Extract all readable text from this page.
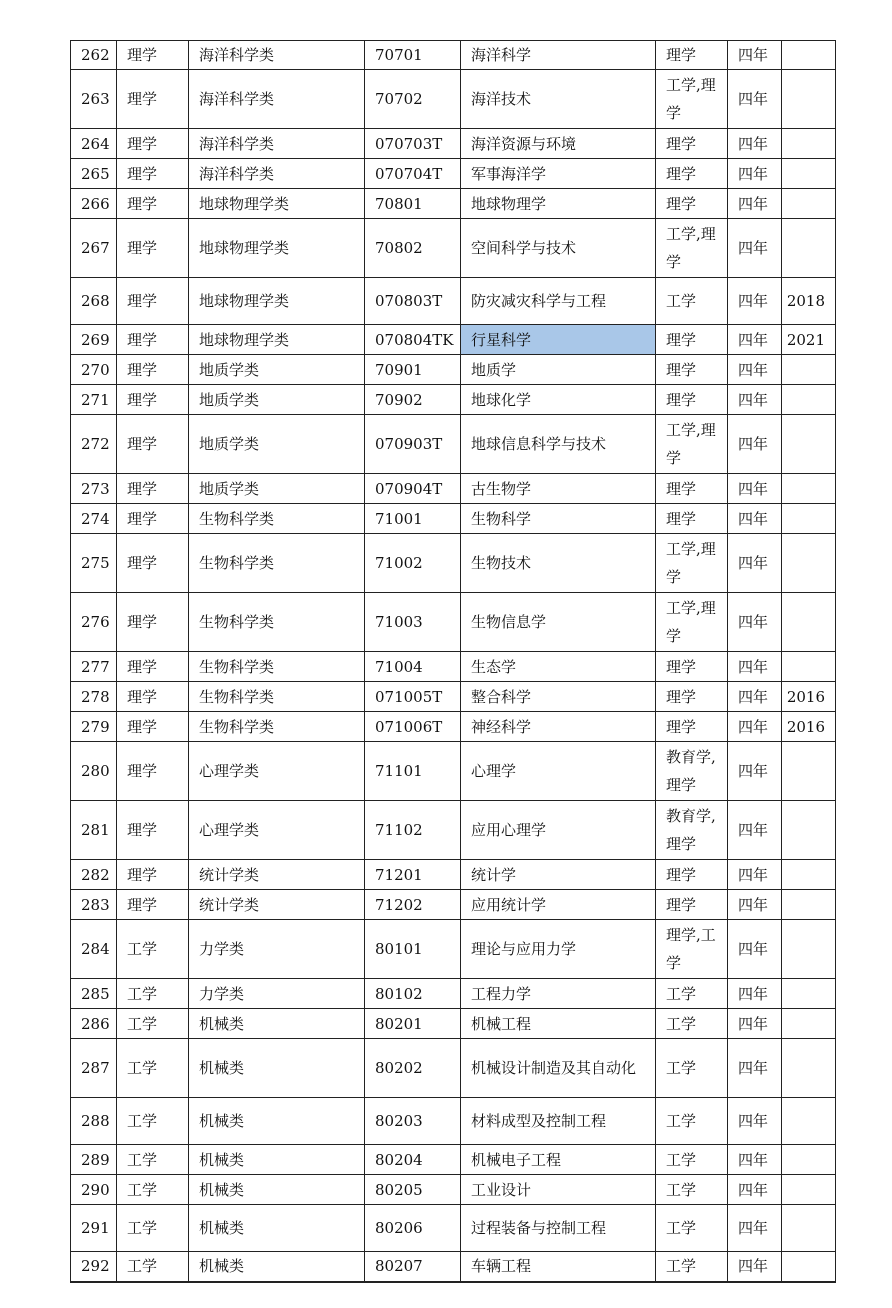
262	理学	海洋科学类	70701	海洋科学	理学	四年	
263	理学	海洋科学类	70702	海洋技术	工学,理学	四年	
264	理学	海洋科学类	070703T	海洋资源与环境	理学	四年	
265	理学	海洋科学类	070704T	军事海洋学	理学	四年	
266	理学	地球物理学类	70801	地球物理学	理学	四年	
267	理学	地球物理学类	70802	空间科学与技术	工学,理学	四年	
268	理学	地球物理学类	070803T	防灾减灾科学与工程	工学	四年	2018
269	理学	地球物理学类	070804TK	行星科学	理学	四年	2021
270	理学	地质学类	70901	地质学	理学	四年	
271	理学	地质学类	70902	地球化学	理学	四年	
272	理学	地质学类	070903T	地球信息科学与技术	工学,理学	四年	
273	理学	地质学类	070904T	古生物学	理学	四年	
274	理学	生物科学类	71001	生物科学	理学	四年	
275	理学	生物科学类	71002	生物技术	工学,理学	四年	
276	理学	生物科学类	71003	生物信息学	工学,理学	四年	
277	理学	生物科学类	71004	生态学	理学	四年	
278	理学	生物科学类	071005T	整合科学	理学	四年	2016
279	理学	生物科学类	071006T	神经科学	理学	四年	2016
280	理学	心理学类	71101	心理学	教育学,理学	四年	
281	理学	心理学类	71102	应用心理学	教育学,理学	四年	
282	理学	统计学类	71201	统计学	理学	四年	
283	理学	统计学类	71202	应用统计学	理学	四年	
284	工学	力学类	80101	理论与应用力学	理学,工学	四年	
285	工学	力学类	80102	工程力学	工学	四年	
286	工学	机械类	80201	机械工程	工学	四年	
287	工学	机械类	80202	机械设计制造及其自动化	工学	四年	
288	工学	机械类	80203	材料成型及控制工程	工学	四年	
289	工学	机械类	80204	机械电子工程	工学	四年	
290	工学	机械类	80205	工业设计	工学	四年	
291	工学	机械类	80206	过程装备与控制工程	工学	四年	
292	工学	机械类	80207	车辆工程	工学	四年	
